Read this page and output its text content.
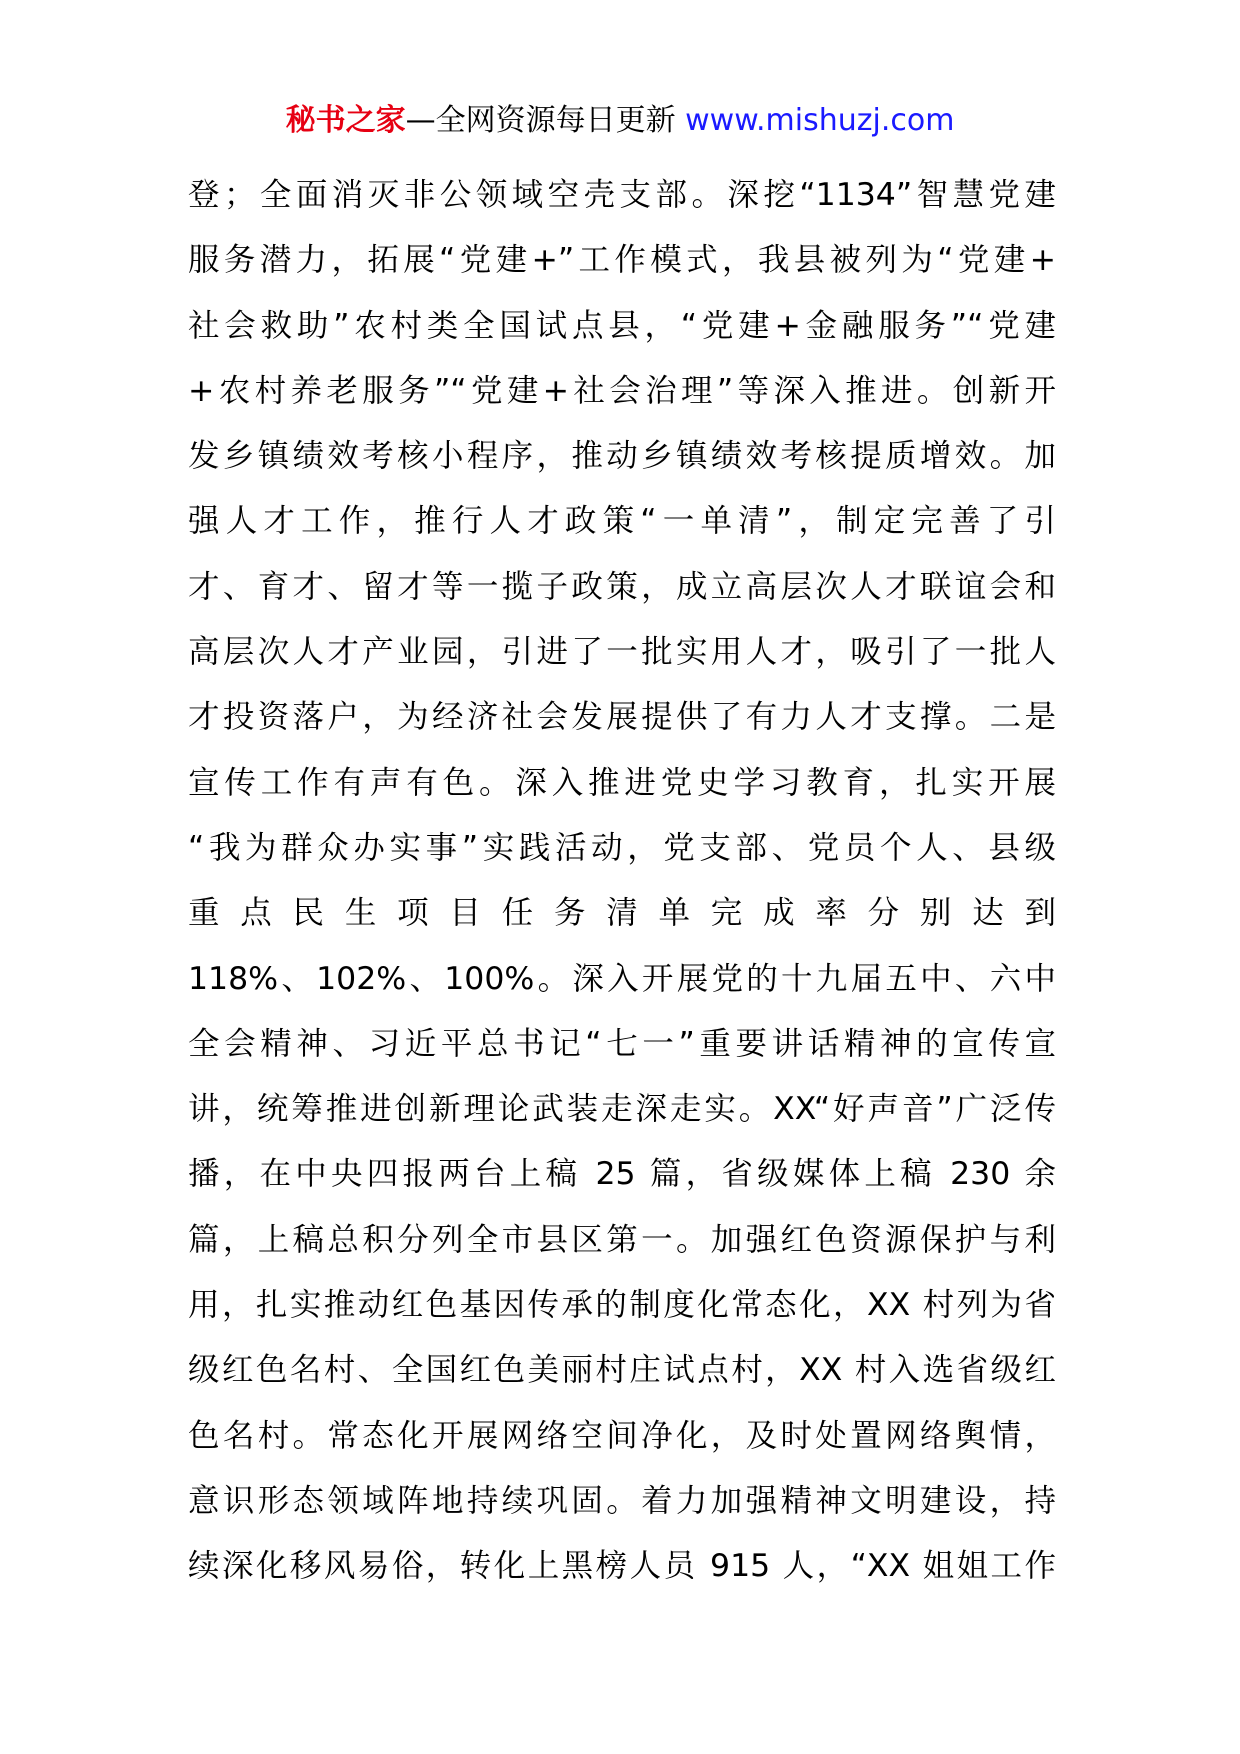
秘书之家—全网资源每日更新 www.mishuzj.com
登；全面消灭非公领域空壳支部。深挖“1134”智慧党建
服务潜力，拓展“党建+”工作模式，我县被列为“党建+
社会救助”农村类全国试点县，“党建+金融服务”“党建
+农村养老服务”“党建+社会治理”等深入推进。创新开
发乡镇绩效考核小程序，推动乡镇绩效考核提质增效。加
强人才工作，推行人才政策“一单清”，制定完善了引
才、育才、留才等一揽子政策，成立高层次人才联谊会和
高层次人才产业园，引进了一批实用人才，吸引了一批人
才投资落户，为经济社会发展提供了有力人才支撑。二是
宣传工作有声有色。深入推进党史学习教育，扎实开展
“我为群众办实事”实践活动，党支部、党员个人、县级
重点民生项目任务清单完成率分别达到
118%、102%、100%。深入开展党的十九届五中、六中
全会精神、习近平总书记“七一”重要讲话精神的宣传宣
讲，统筹推进创新理论武装走深走实。XX“好声音”广泛传
播，在中央四报两台上稿 25 篇，省级媒体上稿 230 余
篇，上稿总积分列全市县区第一。加强红色资源保护与利
用，扎实推动红色基因传承的制度化常态化，XX 村列为省
级红色名村、全国红色美丽村庄试点村，XX 村入选省级红
色名村。常态化开展网络空间净化，及时处置网络舆情，
意识形态领域阵地持续巩固。着力加强精神文明建设，持
续深化移风易俗，转化上黑榜人员 915 人，“XX 姐姐工作
